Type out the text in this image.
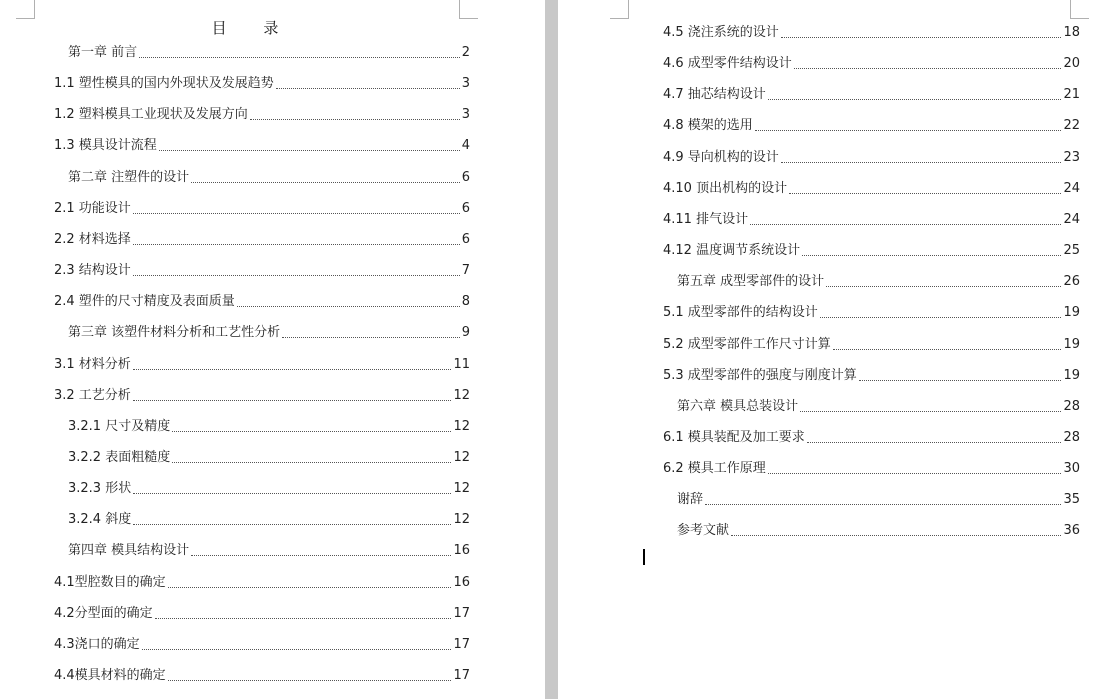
目 录
第一章 前言	2
1.1 塑性模具的国内外现状及发展趋势	3
1.2 塑料模具工业现状及发展方向	3
1.3 模具设计流程	4
第二章 注塑件的设计	6
2.1 功能设计	6
2.2 材料选择	6
2.3 结构设计	7
2.4 塑件的尺寸精度及表面质量	8
第三章 该塑件材料分析和工艺性分析	9
3.1 材料分析	11
3.2 工艺分析	12
3.2.1 尺寸及精度	12
3.2.2 表面粗糙度	12
3.2.3 形状	12
3.2.4 斜度	12
第四章 模具结构设计	16
4.1型腔数目的确定	16
4.2分型面的确定	17
4.3浇口的确定	17
4.4模具材料的确定	17
4.5 浇注系统的设计	18
4.6 成型零件结构设计	20
4.7 抽芯结构设计	21
4.8 模架的选用	22
4.9 导向机构的设计	23
4.10 顶出机构的设计	24
4.11 排气设计	24
4.12 温度调节系统设计	25
第五章 成型零部件的设计	26
5.1 成型零部件的结构设计	19
5.2 成型零部件工作尺寸计算	19
5.3 成型零部件的强度与刚度计算	19
第六章 模具总装设计	28
6.1 模具装配及加工要求	28
6.2 模具工作原理	30
谢辞	35
参考文献	36
